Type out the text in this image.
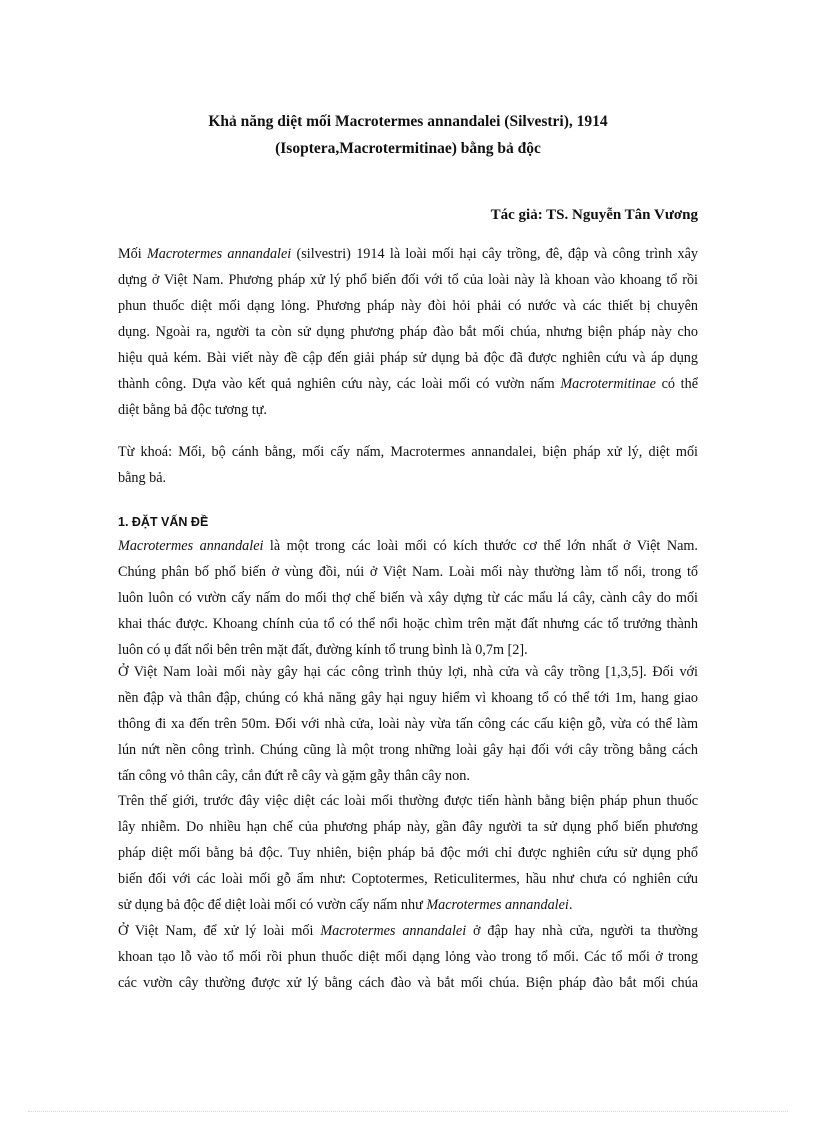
Khả năng diệt mối Macrotermes annandalei (Silvestri), 1914
(Isoptera,Macrotermitinae) bằng bả độc
Tác giả: TS. Nguyễn Tân Vương

Mối Macrotermes annandalei (silvestri) 1914 là loài mối hại cây trồng, đê, đập và công trình xây
dựng ở Việt Nam. Phương pháp xử lý phổ biến đối với tổ của loài này là khoan vào khoang tổ rồi
phun thuốc diệt mối dạng lỏng. Phương pháp này đòi hỏi phải có nước và các thiết bị chuyên
dụng. Ngoài ra, người ta còn sử dụng phương pháp đào bắt mối chúa, nhưng biện pháp này cho
hiệu quả kém. Bài viết này đề cập đến giải pháp sử dụng bả độc đã được nghiên cứu và áp dụng
thành công. Dựa vào kết quả nghiên cứu này, các loài mối có vườn nấm Macrotermitinae có thể
diệt bằng bả độc tương tự.

Từ khoá: Mối, bộ cánh bằng, mối cấy nấm, Macrotermes annandalei, biện pháp xử lý, diệt mối
bằng bả.

1. ĐẶT VẤN ĐỀ

Macrotermes annandalei là một trong các loài mối có kích thước cơ thể lớn nhất ở Việt Nam.
Chúng phân bố phổ biến ở vùng đồi, núi ở Việt Nam. Loài mối này thường làm tổ nổi, trong tổ
luôn luôn có vườn cấy nấm do mối thợ chế biến và xây dựng từ các mẩu lá cây, cành cây do mối
khai thác được. Khoang chính của tổ có thể nổi hoặc chìm trên mặt đất nhưng các tổ trưởng thành
luôn có ụ đất nổi bên trên mặt đất, đường kính tổ trung bình là 0,7m [2].

Ở Việt Nam loài mối này gây hại các công trình thủy lợi, nhà cửa và cây trồng [1,3,5]. Đối với
nền đập và thân đập, chúng có khả năng gây hại nguy hiểm vì khoang tổ có thể tới 1m, hang giao
thông đi xa đến trên 50m. Đối với nhà cửa, loài này vừa tấn công các cấu kiện gỗ, vừa có thể làm
lún nứt nền công trình. Chúng cũng là một trong những loài gây hại đối với cây trồng bằng cách
tấn công vỏ thân cây, cắn đứt rễ cây và gặm gẫy thân cây non.

Trên thế giới, trước đây việc diệt các loài mối thường được tiến hành bằng biện pháp phun thuốc
lây nhiễm. Do nhiều hạn chế của phương pháp này, gần đây người ta sử dụng phổ biến phương
pháp diệt mối bằng bả độc. Tuy nhiên, biện pháp bả độc mới chỉ được nghiên cứu sử dụng phổ
biến đối với các loài mối gỗ ẩm như: Coptotermes, Reticulitermes, hầu như chưa có nghiên cứu
sử dụng bả độc để diệt loài mối có vườn cấy nấm như Macrotermes annandalei.

Ở Việt Nam, để xử lý loài mối Macrotermes annandalei ở đập hay nhà cửa, người ta thường
khoan tạo lỗ vào tổ mối rồi phun thuốc diệt mối dạng lỏng vào trong tổ mối. Các tổ mối ở trong
các vườn cây thường được xử lý bằng cách đào và bắt mối chúa. Biện pháp đào bắt mối chúa
